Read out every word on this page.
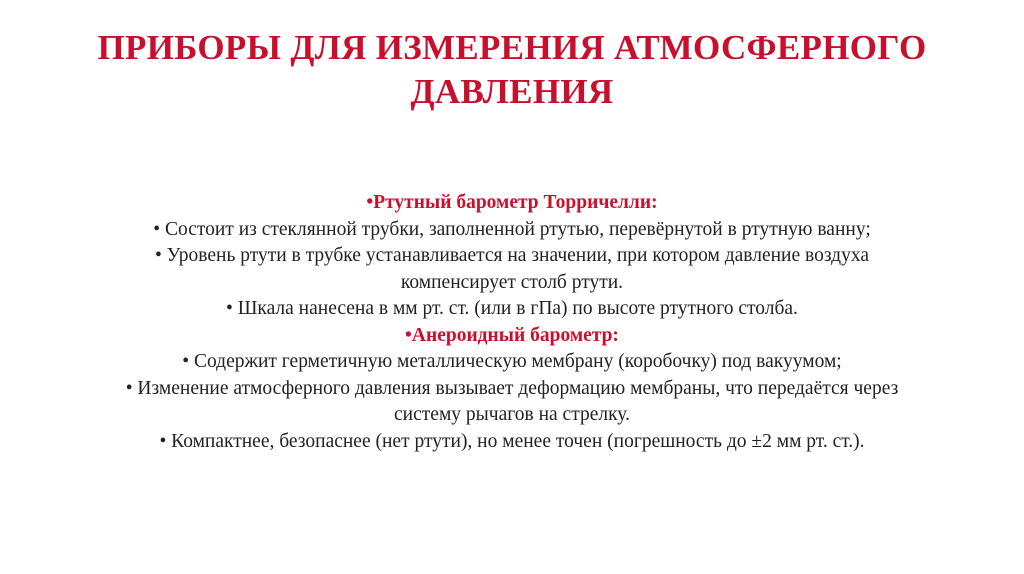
ПРИБОРЫ ДЛЯ ИЗМЕРЕНИЯ АТМОСФЕРНОГО
ДАВЛЕНИЯ

•Ртутный барометр Торричелли:

• Состоит из стеклянной трубки, заполненной ртутью, перевёрнутой в ртутную ванну;

• Уровень ртути в трубке устанавливается на значении, при котором давление воздуха

компенсирует столб ртути.

• Шкала нанесена в мм рт. ст. (или в гПа) по высоте ртутного столба.

•Анероидный барометр:

• Содержит герметичную металлическую мембрану (коробочку) под вакуумом;

• Изменение атмосферного давления вызывает деформацию мембраны, что передаётся через

систему рычагов на стрелку.

• Компактнее, безопаснее (нет ртути), но менее точен (погрешность до ±2 мм рт. ст.).
